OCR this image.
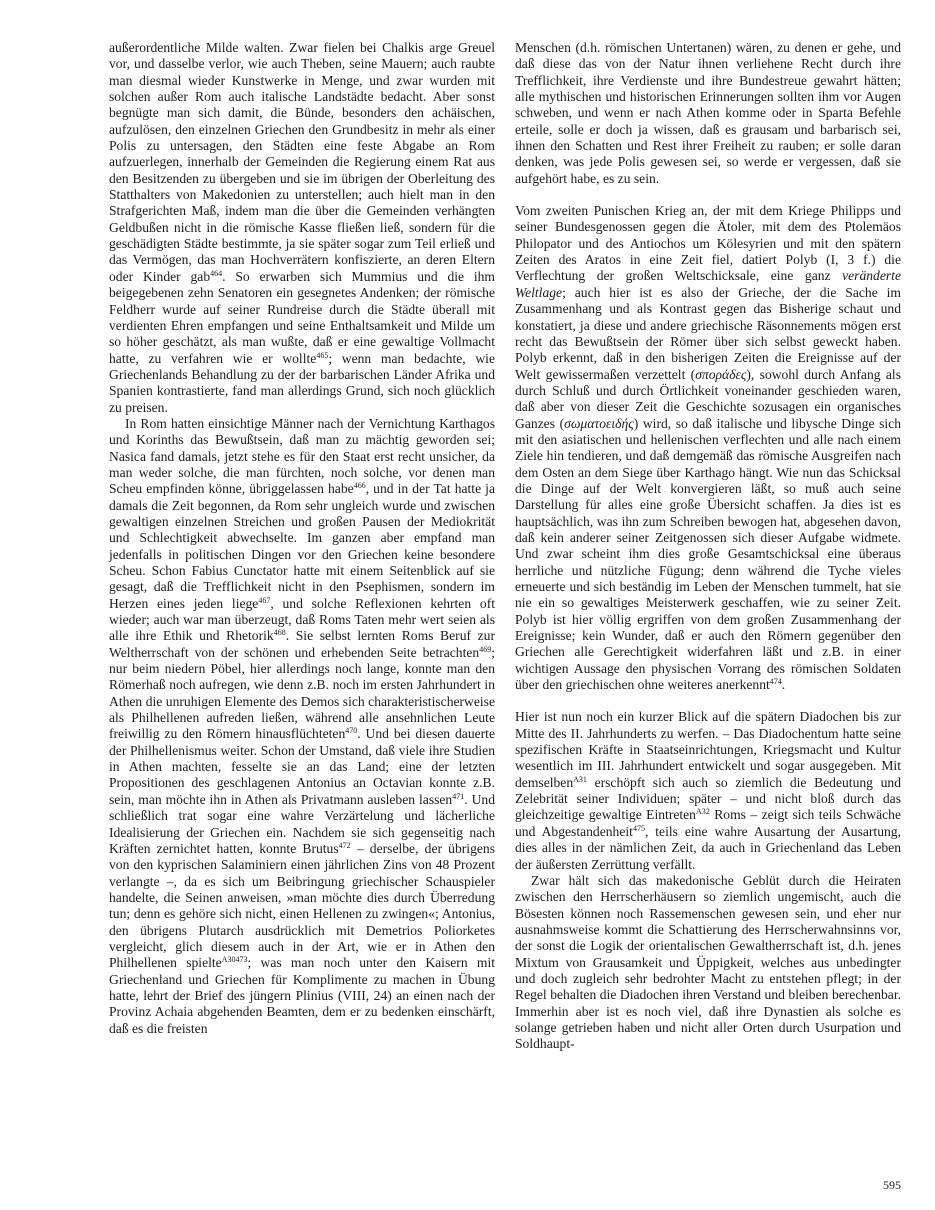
außerordentliche Milde walten. Zwar fielen bei Chalkis arge Greuel vor, und dasselbe verlor, wie auch Theben, seine Mauern; auch raubte man diesmal wieder Kunstwerke in Menge, und zwar wurden mit solchen außer Rom auch italische Landstädte bedacht. Aber sonst begnügte man sich damit, die Bünde, besonders den achäischen, aufzulösen, den einzelnen Griechen den Grundbesitz in mehr als einer Polis zu untersagen, den Städten eine feste Abgabe an Rom aufzuerlegen, innerhalb der Gemeinden die Regierung einem Rat aus den Besitzenden zu übergeben und sie im übrigen der Oberleitung des Statthalters von Makedonien zu unterstellen; auch hielt man in den Strafgerichten Maß, indem man die über die Gemeinden verhängten Geldbußen nicht in die römische Kasse fließen ließ, sondern für die geschädigten Städte bestimmte, ja sie später sogar zum Teil erließ und das Vermögen, das man Hochverrätern konfiszierte, an deren Eltern oder Kinder gab$^{464}$. So erwarben sich Mummius und die ihm beigegebenen zehn Senatoren ein gesegnetes Andenken; der römische Feldherr wurde auf seiner Rundreise durch die Städte überall mit verdienten Ehren empfangen und seine Enthaltsamkeit und Milde um so höher geschätzt, als man wußte, daß er eine gewaltige Vollmacht hatte, zu verfahren wie er wollte$^{465}$; wenn man bedachte, wie Griechenlands Behandlung zu der der barbarischen Länder Afrika und Spanien kontrastierte, fand man allerdings Grund, sich noch glücklich zu preisen.

In Rom hatten einsichtige Männer nach der Vernichtung Karthagos und Korinths das Bewußtsein, daß man zu mächtig geworden sei; Nasica fand damals, jetzt stehe es für den Staat erst recht unsicher, da man weder solche, die man fürchten, noch solche, vor denen man Scheu empfinden könne, übriggelassen habe$^{466}$, und in der Tat hatte ja damals die Zeit begonnen, da Rom sehr ungleich wurde und zwischen gewaltigen einzelnen Streichen und großen Pausen der Mediokrität und Schlechtigkeit abwechselte. Im ganzen aber empfand man jedenfalls in politischen Dingen vor den Griechen keine besondere Scheu. Schon Fabius Cunctator hatte mit einem Seitenblick auf sie gesagt, daß die Trefflichkeit nicht in den Psephismen, sondern im Herzen eines jeden liege$^{467}$, und solche Reflexionen kehrten oft wieder; auch war man überzeugt, daß Roms Taten mehr wert seien als alle ihre Ethik und Rhetorik$^{468}$. Sie selbst lernten Roms Beruf zur Weltherrschaft von der schönen und erhebenden Seite betrachten$^{469}$; nur beim niedern Pöbel, hier allerdings noch lange, konnte man den Römerhaß noch aufregen, wie denn z.B. noch im ersten Jahrhundert in Athen die unruhigen Elemente des Demos sich charakteristischerweise als Philhellenen aufreden ließen, während alle ansehnlichen Leute freiwillig zu den Römern hinausflüchteten$^{470}$. Und bei diesen dauerte der Philhellenismus weiter. Schon der Umstand, daß viele ihre Studien in Athen machten, fesselte sie an das Land; eine der letzten Propositionen des geschlagenen Antonius an Octavian konnte z.B. sein, man möchte ihn in Athen als Privatmann ausleben lassen$^{471}$. Und schließlich trat sogar eine wahre Verzärtelung und lächerliche Idealisierung der Griechen ein. Nachdem sie sich gegenseitig nach Kräften zernichtet hatten, konnte Brutus$^{472}$ – derselbe, der übrigens von den kyprischen Salaminiern einen jährlichen Zins von 48 Prozent verlangte –, da es sich um Beibringung griechischer Schauspieler handelte, die Seinen anweisen, »man möchte dies durch Überredung tun; denn es gehöre sich nicht, einen Hellenen zu zwingen«; Antonius, den übrigens Plutarch ausdrücklich mit Demetrios Poliorketes vergleicht, glich diesem auch in der Art, wie er in Athen den Philhellenen spielte$^{A30473}$; was man noch unter den Kaisern mit Griechenland und Griechen für Komplimente zu machen in Übung hatte, lehrt der Brief des jüngern Plinius (VIII, 24) an einen nach der Provinz Achaia abgehenden Beamten, dem er zu bedenken einschärft, daß es die freisten

Menschen (d.h. römischen Untertanen) wären, zu denen er gehe, und daß diese das von der Natur ihnen verliehene Recht durch ihre Trefflichkeit, ihre Verdienste und ihre Bundestreue gewahrt hätten; alle mythischen und historischen Erinnerungen sollten ihm vor Augen schweben, und wenn er nach Athen komme oder in Sparta Befehle erteile, solle er doch ja wissen, daß es grausam und barbarisch sei, ihnen den Schatten und Rest ihrer Freiheit zu rauben; er solle daran denken, was jede Polis gewesen sei, so werde er vergessen, daß sie aufgehört habe, es zu sein.

Vom zweiten Punischen Krieg an, der mit dem Kriege Philipps und seiner Bundesgenossen gegen die Ätoler, mit dem des Ptolemäos Philopator und des Antiochos um Kölesyrien und mit den spätern Zeiten des Aratos in eine Zeit fiel, datiert Polyb (I, 3 f.) die Verflechtung der großen Weltschicksale, eine ganz veränderte Weltlage; auch hier ist es also der Grieche, der die Sache im Zusammenhang und als Kontrast gegen das Bisherige schaut und konstatiert, ja diese und andere griechische Räsonnements mögen erst recht das Bewußtsein der Römer über sich selbst geweckt haben. Polyb erkennt, daß in den bisherigen Zeiten die Ereignisse auf der Welt gewissermaßen verzettelt (σποράδες), sowohl durch Anfang als durch Schluß und durch Örtlichkeit voneinander geschieden waren, daß aber von dieser Zeit die Geschichte sozusagen ein organisches Ganzes (σωματοειδής) wird, so daß italische und libysche Dinge sich mit den asiatischen und hellenischen verflechten und alle nach einem Ziele hin tendieren, und daß demgemäß das römische Ausgreifen nach dem Osten an dem Siege über Karthago hängt. Wie nun das Schicksal die Dinge auf der Welt konvergieren läßt, so muß auch seine Darstellung für alles eine große Übersicht schaffen. Ja dies ist es hauptsächlich, was ihn zum Schreiben bewogen hat, abgesehen davon, daß kein anderer seiner Zeitgenossen sich dieser Aufgabe widmete. Und zwar scheint ihm dies große Gesamtschicksal eine überaus herrliche und nützliche Fügung; denn während die Tyche vieles erneuerte und sich beständig im Leben der Menschen tummelt, hat sie nie ein so gewaltiges Meisterwerk geschaffen, wie zu seiner Zeit. Polyb ist hier völlig ergriffen von dem großen Zusammenhang der Ereignisse; kein Wunder, daß er auch den Römern gegenüber den Griechen alle Gerechtigkeit widerfahren läßt und z.B. in einer wichtigen Aussage den physischen Vorrang des römischen Soldaten über den griechischen ohne weiteres anerkennt$^{474}$.

Hier ist nun noch ein kurzer Blick auf die spätern Diadochen bis zur Mitte des II. Jahrhunderts zu werfen. – Das Diadochentum hatte seine spezifischen Kräfte in Staatseinrichtungen, Kriegsmacht und Kultur wesentlich im III. Jahrhundert entwickelt und sogar ausgegeben. Mit demselben$^{A31}$ erschöpft sich auch so ziemlich die Bedeutung und Zelebrität seiner Individuen; später – und nicht bloß durch das gleichzeitige gewaltige Eintreten$^{A32}$ Roms – zeigt sich teils Schwäche und Abgestandenheit$^{475}$, teils eine wahre Ausartung der Ausartung, dies alles in der nämlichen Zeit, da auch in Griechenland das Leben der äußersten Zerrüttung verfällt.

Zwar hält sich das makedonische Geblüt durch die Heiraten zwischen den Herrscherhäusern so ziemlich ungemischt, auch die Bösesten können noch Rassemenschen gewesen sein, und eher nur ausnahmsweise kommt die Schattierung des Herrscherwahnsinns vor, der sonst die Logik der orientalischen Gewaltherrschaft ist, d.h. jenes Mixtum von Grausamkeit und Üppigkeit, welches aus unbedingter und doch zugleich sehr bedrohter Macht zu entstehen pflegt; in der Regel behalten die Diadochen ihren Verstand und bleiben berechenbar. Immerhin aber ist es noch viel, daß ihre Dynastien als solche es solange getrieben haben und nicht aller Orten durch Usurpation und Soldhaupt-

595
